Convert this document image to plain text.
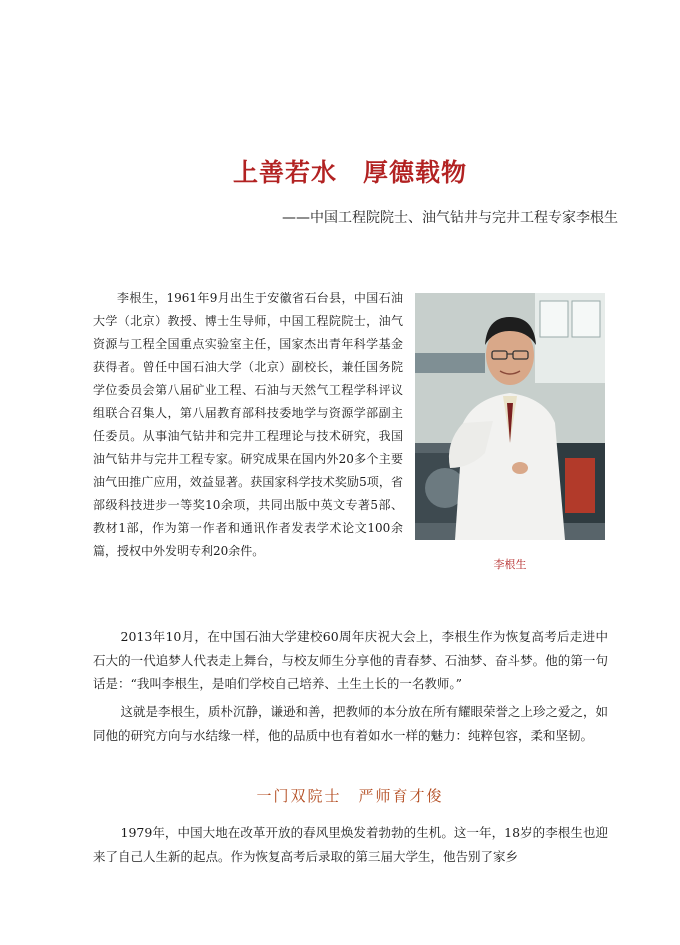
上善若水　厚德载物
——中国工程院院士、油气钻井与完井工程专家李根生

李根生，1961年9月出生于安徽省石台县，中国石油大学（北京）教授、博士生导师，中国工程院院士，油气资源与工程全国重点实验室主任，国家杰出青年科学基金获得者。曾任中国石油大学（北京）副校长，兼任国务院学位委员会第八届矿业工程、石油与天然气工程学科评议组联合召集人，第八届教育部科技委地学与资源学部副主任委员。从事油气钻井和完井工程理论与技术研究，我国油气钻井与完井工程专家。研究成果在国内外20多个主要油气田推广应用，效益显著。获国家科学技术奖励5项，省部级科技进步一等奖10余项，共同出版中英文专著5部、教材1部，作为第一作者和通讯作者发表学术论文100余篇，授权中外发明专利20余件。

李根生

2013年10月，在中国石油大学建校60周年庆祝大会上，李根生作为恢复高考后走进中石大的一代追梦人代表走上舞台，与校友师生分享他的青春梦、石油梦、奋斗梦。他的第一句话是：“我叫李根生，是咱们学校自己培养、土生土长的一名教师。”

这就是李根生，质朴沉静，谦逊和善，把教师的本分放在所有耀眼荣誉之上珍之爱之，如同他的研究方向与水结缘一样，他的品质中也有着如水一样的魅力：纯粹包容，柔和坚韧。

一门双院士　严师育才俊

1979年，中国大地在改革开放的春风里焕发着勃勃的生机。这一年，18岁的李根生也迎来了自己人生新的起点。作为恢复高考后录取的第三届大学生，他告别了家乡
